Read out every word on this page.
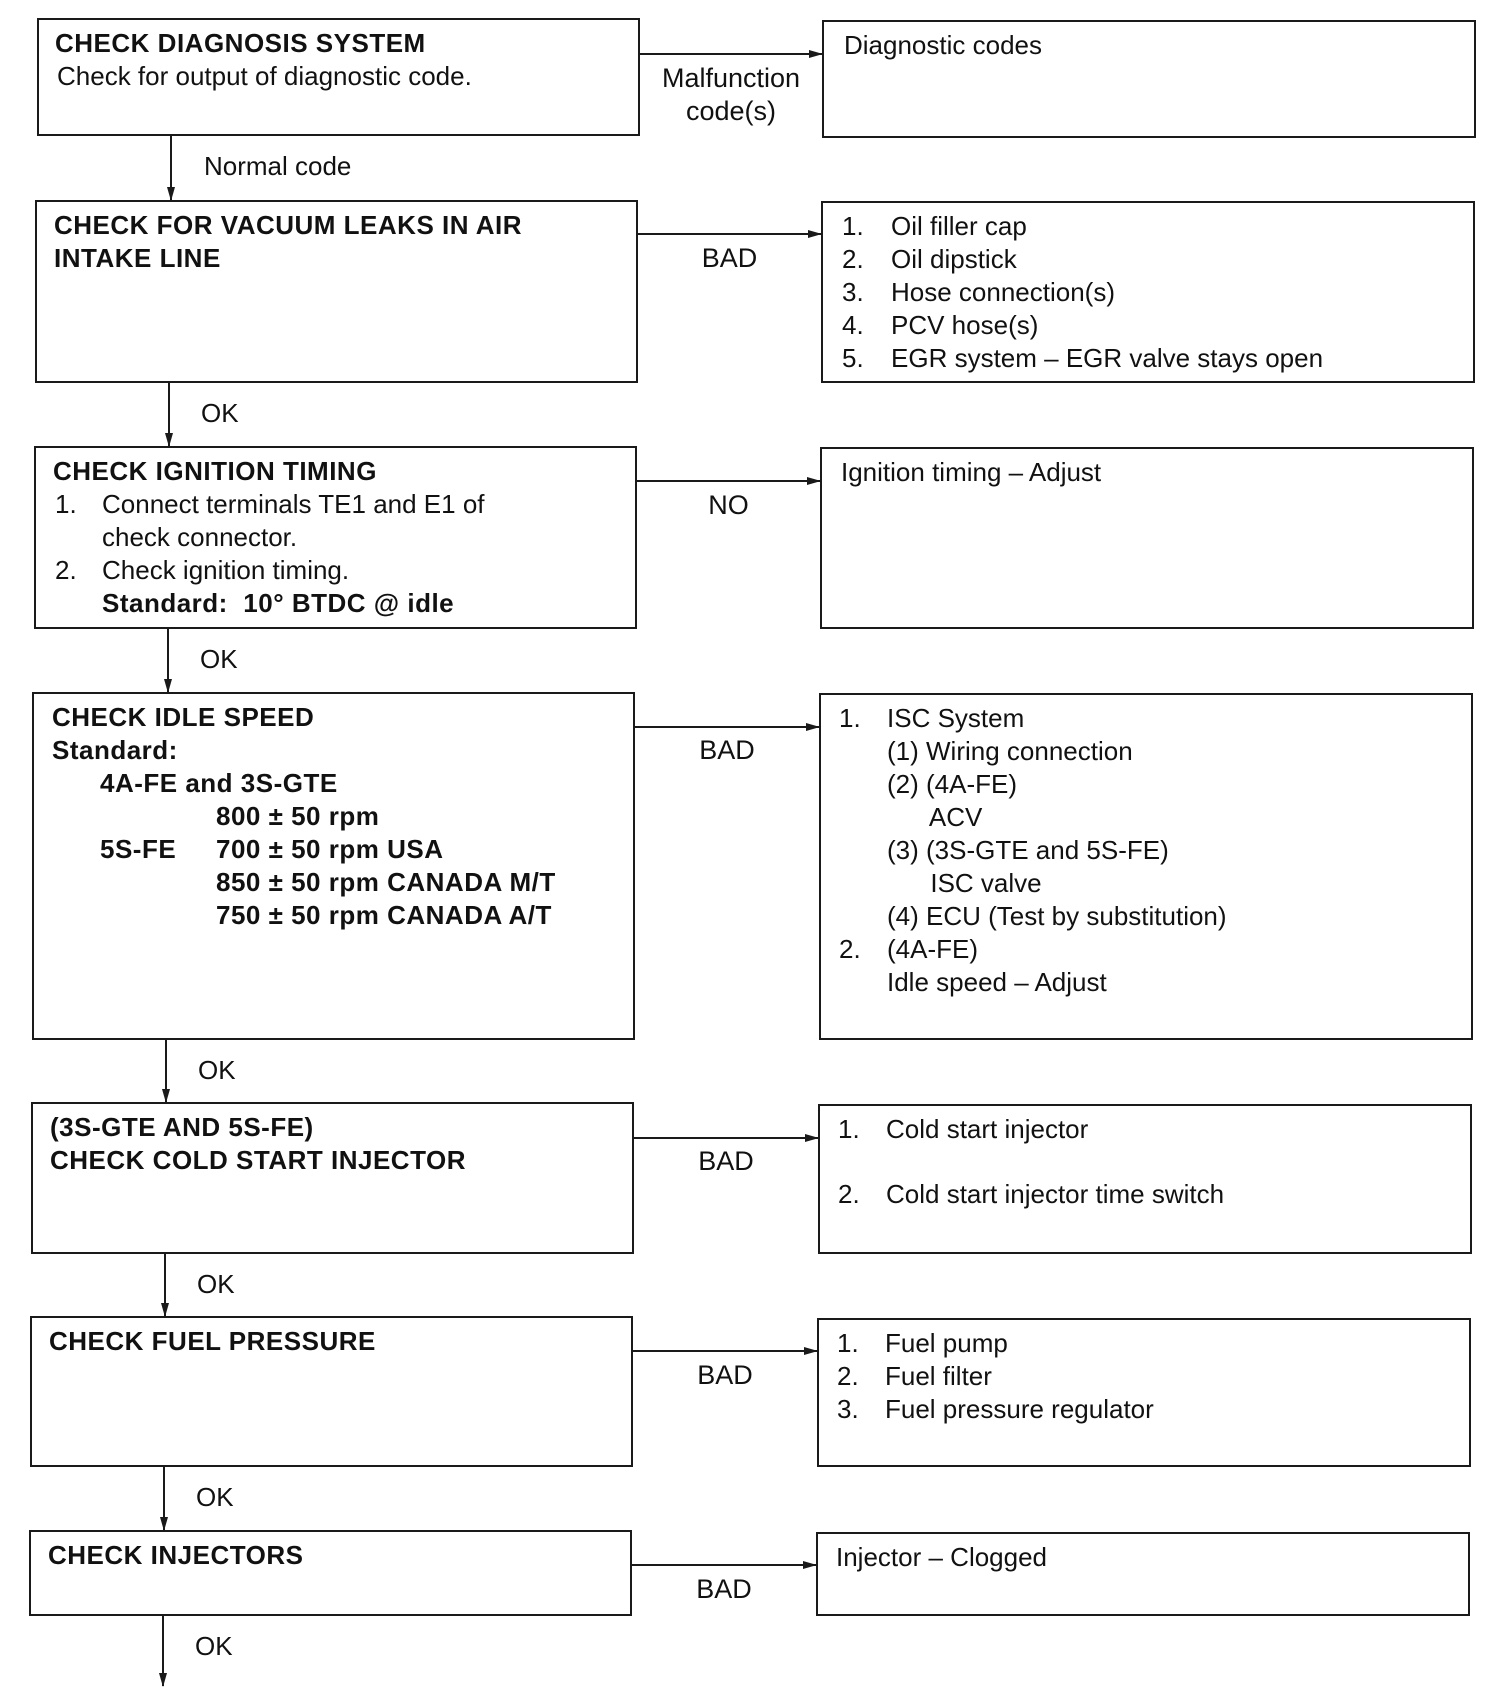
CHECK DIAGNOSIS SYSTEM
Check for output of diagnostic code.	Malfunction
code(s)
Diagnostic codes
Normal code
CHECK FOR VACUUM LEAKS IN AIR
INTAKE LINE	BAD
1. Oil filler cap
2. Oil dipstick
3. Hose connection(s)
4. PCV hose(s)
5. EGR system – EGR valve stays open
OK
CHECK IGNITION TIMING
1. Connect terminals TE1 and E1 of
check connector.
2. Check ignition timing.
Standard:  10° BTDC @ idle
NO
Ignition timing – Adjust
OK
CHECK IDLE SPEED
Standard:
4A-FE and 3S-GTE
800 ± 50 rpm
5S-FE 700 ± 50 rpm USA
850 ± 50 rpm CANADA M/T
750 ± 50 rpm CANADA A/T
BAD
1. ISC System
(1) Wiring connection
(2) (4A-FE)
ACV
(3) (3S-GTE and 5S-FE)
ISC valve
(4) ECU (Test by substitution)
2. (4A-FE)
Idle speed – Adjust
OK
(3S-GTE AND 5S-FE)
CHECK COLD START INJECTOR	BAD
1. Cold start injector
2. Cold start injector time switch
OK
CHECK FUEL PRESSURE
BAD
1. Fuel pump
2. Fuel filter
3. Fuel pressure regulator
OK
CHECK INJECTORS
BAD
Injector – Clogged
OK
